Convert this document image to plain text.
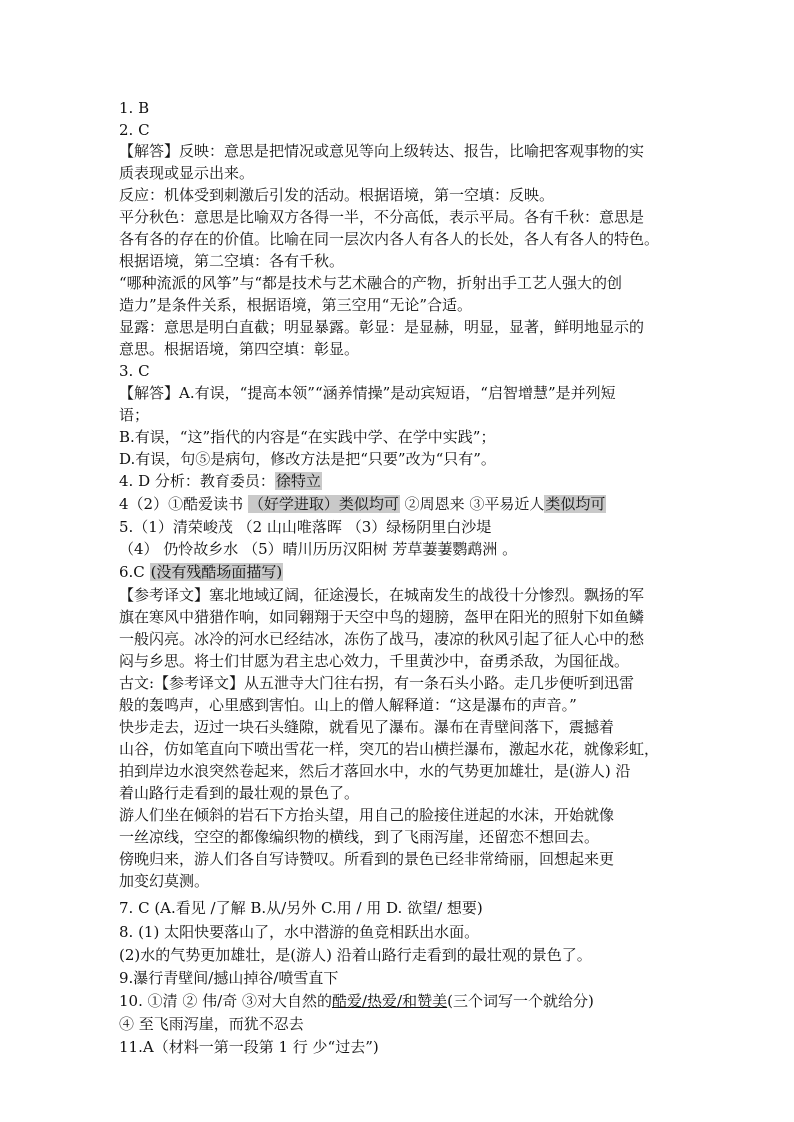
1. B
2. C
【解答】反映：意思是把情况或意见等向上级转达、报告，比喻把客观事物的实
质表现或显示出来。
反应：机体受到刺激后引发的活动。根据语境，第一空填：反映。
平分秋色：意思是比喻双方各得一半，不分高低，表示平局。各有千秋：意思是
各有各的存在的价值。比喻在同一层次内各人有各人的长处，各人有各人的特色。
根据语境，第二空填：各有千秋。
“哪种流派的风筝”与“都是技术与艺术融合的产物，折射出手工艺人强大的创
造力”是条件关系，根据语境，第三空用“无论”合适。
显露：意思是明白直截；明显暴露。彰显：是显赫，明显，显著，鲜明地显示的
意思。根据语境，第四空填：彰显。
3. C
【解答】A.有误，“提高本领”“涵养情操”是动宾短语，“启智增慧”是并列短
语；
B.有误，“这”指代的内容是“在实践中学、在学中实践”；
D.有误，句⑤是病句，修改方法是把“只要”改为“只有”。
4. D 分析：教育委员：徐特立
4（2）①酷爱读书 （好学进取）类似均可 ②周恩来 ③平易近人类似均可
5.（1）清荣峻茂 （2 山山唯落晖 （3）绿杨阴里白沙堤
（4） 仍怜故乡水 （5）晴川历历汉阳树 芳草萋萋鹦鹉洲 。
6.C (没有残酷场面描写)
【参考译文】塞北地域辽阔，征途漫长，在城南发生的战役十分惨烈。飘扬的军
旗在寒风中猎猎作响，如同翱翔于天空中鸟的翅膀，盔甲在阳光的照射下如鱼鳞
一般闪亮。冰冷的河水已经结冰，冻伤了战马，凄凉的秋风引起了征人心中的愁
闷与乡思。将士们甘愿为君主忠心效力，千里黄沙中，奋勇杀敌，为国征战。
古文:【参考译文】从五泄寺大门往右拐，有一条石头小路。走几步便听到迅雷
般的轰鸣声，心里感到害怕。山上的僧人解释道：“这是瀑布的声音。”
快步走去，迈过一块石头缝隙，就看见了瀑布。瀑布在青壁间落下，震撼着
山谷，仿如笔直向下喷出雪花一样，突兀的岩山横拦瀑布，激起水花，就像彩虹，
拍到岸边水浪突然卷起来，然后才落回水中，水的气势更加雄壮，是(游人) 沿
着山路行走看到的最壮观的景色了。
游人们坐在倾斜的岩石下方抬头望，用自己的脸接住迸起的水沫，开始就像
一丝凉线，空空的都像编织物的横线，到了飞雨泻崖，还留恋不想回去。
傍晚归来，游人们各自写诗赞叹。所看到的景色已经非常绮丽，回想起来更
加变幻莫测。
7. C (A.看见 /了解 B.从/另外 C.用 / 用 D. 欲望/ 想要)
8. (1) 太阳快要落山了，水中潜游的鱼竞相跃出水面。
(2)水的气势更加雄壮，是(游人) 沿着山路行走看到的最壮观的景色了。
9.瀑行青壁间/撼山掉谷/喷雪直下
10. ①清 ② 伟/奇 ③对大自然的酷爱/热爱/和赞美(三个词写一个就给分)
④ 至飞雨泻崖，而犹不忍去
11.A（材料一第一段第 1 行 少“过去”)
